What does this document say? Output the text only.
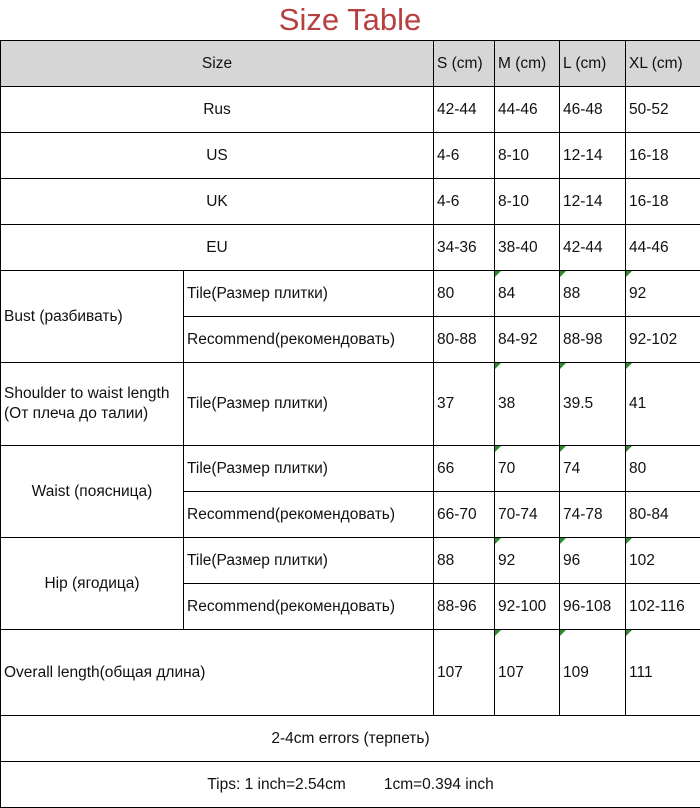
Size Table
Size		S (cm)	M (cm)	L (cm)	XL (cm)
Rus		42-44	44-46	46-48	50-52
US		4-6	8-10	12-14	16-18
UK		4-6	8-10	12-14	16-18
EU		34-36	38-40	42-44	44-46
Bust (разбивать)	Tile(Размер плитки)	80	84	88	92
	Recommend(рекомендовать)	80-88	84-92	88-98	92-102
Shoulder to waist length
(От плеча до талии)	Tile(Размер плитки)	37	38	39.5	41
Waist (поясница)	Tile(Размер плитки)	66	70	74	80
	Recommend(рекомендовать)	66-70	70-74	74-78	80-84
Hip (ягодица)	Tile(Размер плитки)	88	92	96	102
	Recommend(рекомендовать)	88-96	92-100	96-108	102-116
Overall length(общая длина)		107	107	109	111
2-4cm errors (терпеть)					
Tips: 1 inch=2.54cm 1cm=0.394 inch					
